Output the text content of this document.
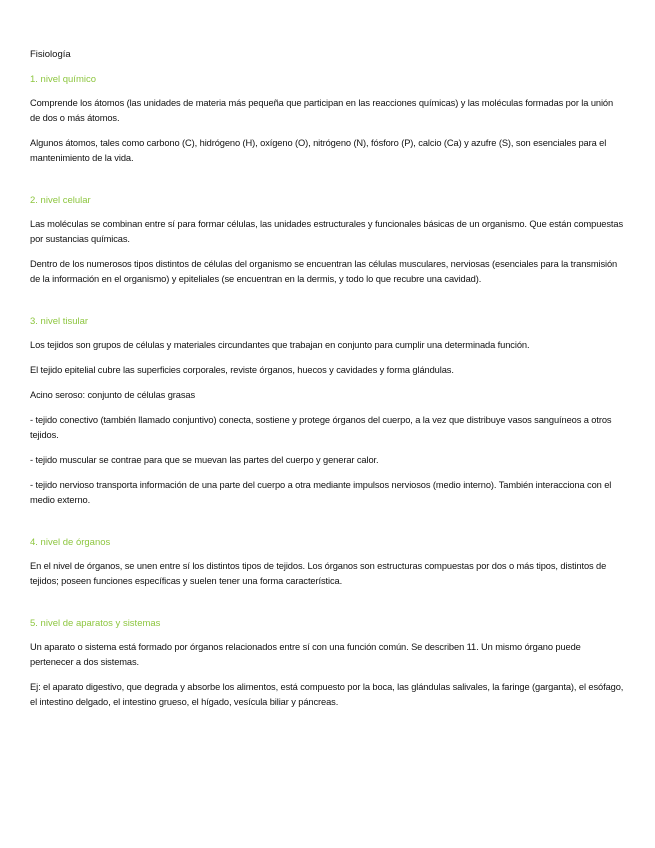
Fisiología
1. nivel químico

Comprende los átomos (las unidades de materia más pequeña que participan en las reacciones químicas) y las moléculas formadas por la unión de dos o más átomos.

Algunos átomos, tales como carbono (C), hidrógeno (H), oxígeno (O), nitrógeno (N), fósforo (P), calcio (Ca) y azufre (S), son esenciales para el mantenimiento de la vida.

2. nivel celular

Las moléculas se combinan entre sí para formar células, las unidades estructurales y funcionales básicas de un organismo. Que están compuestas por sustancias químicas.

Dentro de los numerosos tipos distintos de células del organismo se encuentran las células musculares, nerviosas (esenciales para la transmisión de la información en el organismo) y epiteliales (se encuentran en la dermis, y todo lo que recubre una cavidad).

3. nivel tisular

Los tejidos son grupos de células y materiales circundantes que trabajan en conjunto para cumplir una determinada función.

El tejido epitelial cubre las superficies corporales, reviste órganos, huecos y cavidades y forma glándulas.

Acino seroso: conjunto de células grasas

- tejido conectivo (también llamado conjuntivo) conecta, sostiene y protege órganos del cuerpo, a la vez que distribuye vasos sanguíneos a otros tejidos.

- tejido muscular se contrae para que se muevan las partes del cuerpo y generar calor.

- tejido nervioso transporta información de una parte del cuerpo a otra mediante impulsos nerviosos (medio interno). También interacciona con el medio externo.

4. nivel de órganos

En el nivel de órganos, se unen entre sí los distintos tipos de tejidos. Los órganos son estructuras compuestas por dos o más tipos, distintos de tejidos; poseen funciones específicas y suelen tener una forma característica.

5. nivel de aparatos y sistemas

Un aparato o sistema está formado por órganos relacionados entre sí con una función común. Se describen 11. Un mismo órgano puede pertenecer a dos sistemas.

Ej: el aparato digestivo, que degrada y absorbe los alimentos, está compuesto por la boca, las glándulas salivales, la faringe (garganta), el esófago, el intestino delgado, el intestino grueso, el hígado, vesícula biliar y páncreas.
